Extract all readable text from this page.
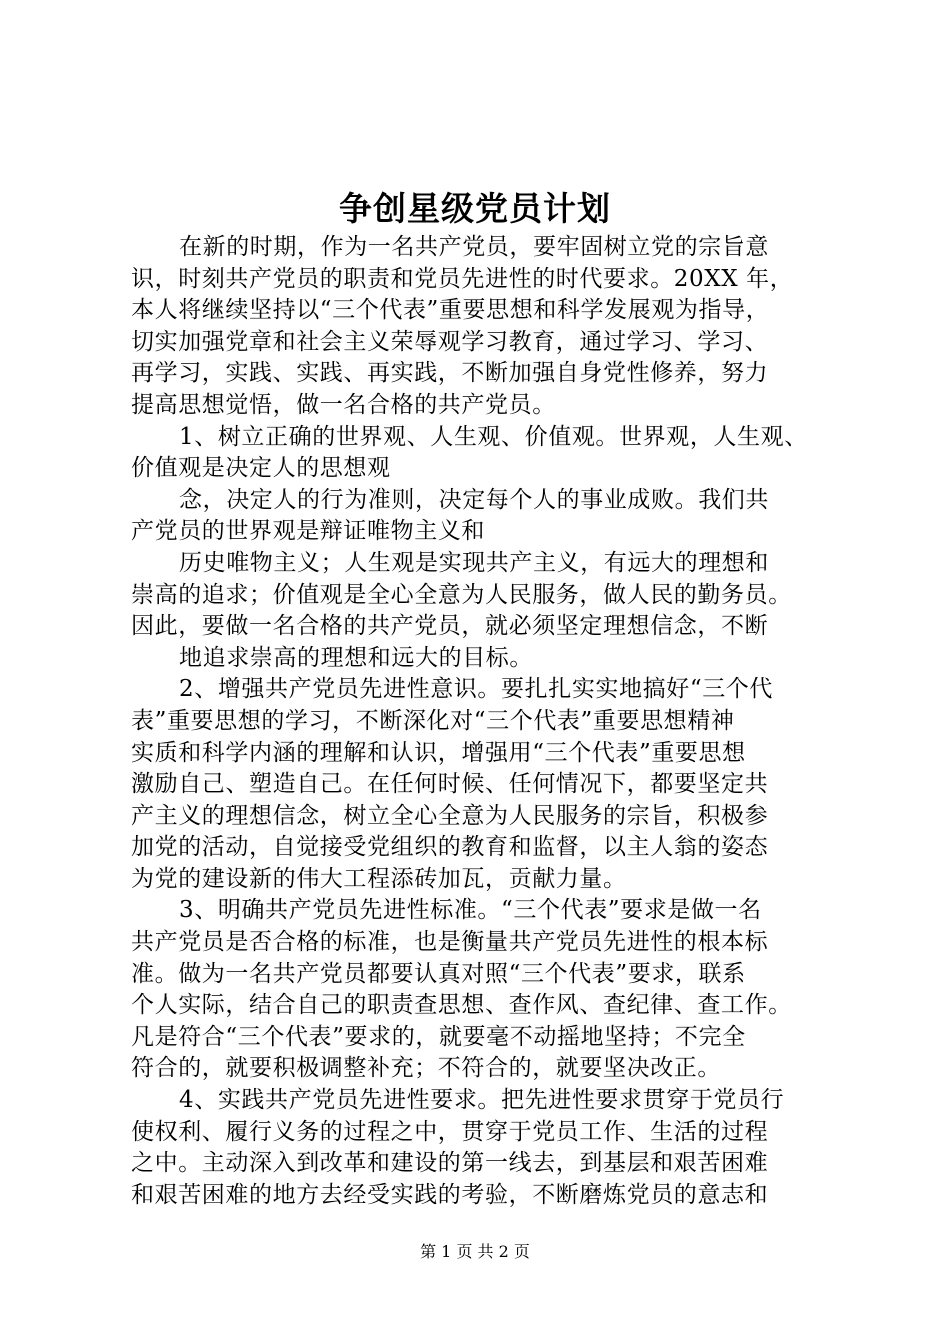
争创星级党员计划
在新的时期，作为一名共产党员，要牢固树立党的宗旨意
识，时刻共产党员的职责和党员先进性的时代要求。20XX 年，
本人将继续坚持以“三个代表”重要思想和科学发展观为指导，
切实加强党章和社会主义荣辱观学习教育，通过学习、学习、
再学习，实践、实践、再实践，不断加强自身党性修养，努力
提高思想觉悟，做一名合格的共产党员。
1、树立正确的世界观、人生观、价值观。世界观，人生观、
价值观是决定人的思想观
念，决定人的行为准则，决定每个人的事业成败。我们共
产党员的世界观是辩证唯物主义和
历史唯物主义；人生观是实现共产主义，有远大的理想和
崇高的追求；价值观是全心全意为人民服务，做人民的勤务员。
因此，要做一名合格的共产党员，就必须坚定理想信念，不断
地追求崇高的理想和远大的目标。
2、增强共产党员先进性意识。要扎扎实实地搞好“三个代
表”重要思想的学习，不断深化对“三个代表”重要思想精神
实质和科学内涵的理解和认识，增强用“三个代表”重要思想
激励自己、塑造自己。在任何时候、任何情况下，都要坚定共
产主义的理想信念，树立全心全意为人民服务的宗旨，积极参
加党的活动，自觉接受党组织的教育和监督，以主人翁的姿态
为党的建设新的伟大工程添砖加瓦，贡献力量。
3、明确共产党员先进性标准。“三个代表”要求是做一名
共产党员是否合格的标准，也是衡量共产党员先进性的根本标
准。做为一名共产党员都要认真对照“三个代表”要求，联系
个人实际，结合自己的职责查思想、查作风、查纪律、查工作。
凡是符合“三个代表”要求的，就要毫不动摇地坚持；不完全
符合的，就要积极调整补充；不符合的，就要坚决改正。
4、实践共产党员先进性要求。把先进性要求贯穿于党员行
使权利、履行义务的过程之中，贯穿于党员工作、生活的过程
之中。主动深入到改革和建设的第一线去，到基层和艰苦困难
和艰苦困难的地方去经受实践的考验，不断磨炼党员的意志和
第 1 页 共 2 页
